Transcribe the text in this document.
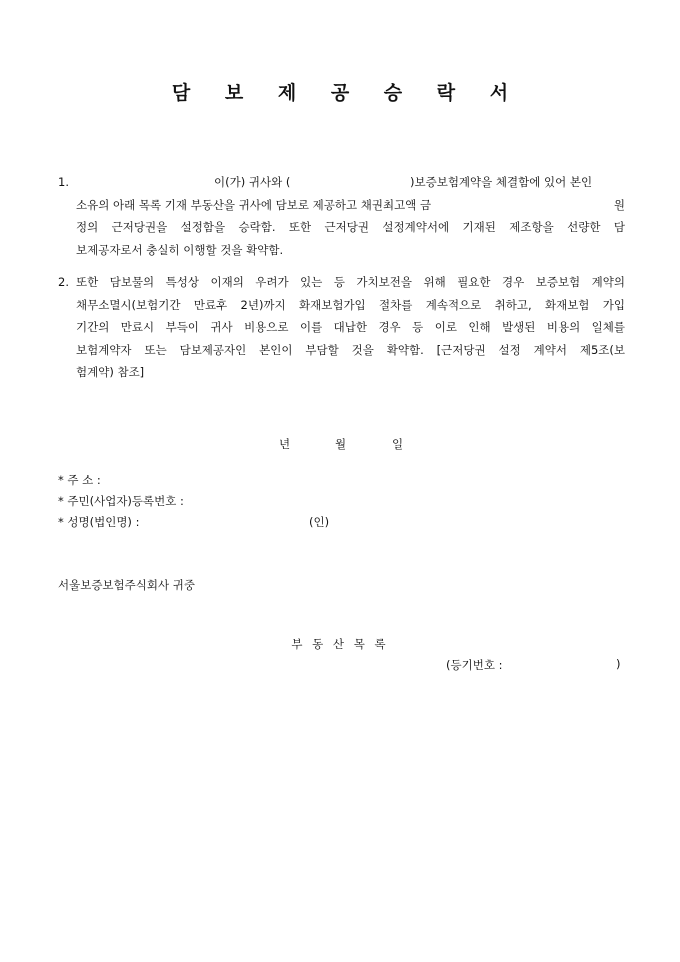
담 보 제 공 승 락 서
1.	이(가) 귀사와 (	)보증보험계약을 체결함에 있어 본인
소유의 아래 목록 기재 부동산을 귀사에 담보로 제공하고 채권최고액 금	원
정의 근저당권을 설정함을 승락함. 또한 근저당권 설정계약서에 기재된 제조항을 선량한 담
보제공자로서 충실히 이행할 것을 확약함.
2. 또한 담보물의 특성상 이재의 우려가 있는 등 가치보전을 위해 필요한 경우 보증보험 계약의
채무소멸시(보험기간 만료후 2년)까지 화재보험가입 절차를 계속적으로 취하고, 화재보험 가입
기간의 만료시 부득이 귀사 비용으로 이를 대납한 경우 등 이로 인해 발생된 비용의 일체를
보험계약자 또는 담보제공자인 본인이 부담할 것을 확약함. [근저당권 설정 계약서 제5조(보
험계약) 참조]
년	월	일
* 주 소 :
* 주민(사업자)등록번호 :
* 성명(법인명) :	(인)
서울보증보험주식회사 귀중
부 동 산 목 록
(등기번호 :	)
